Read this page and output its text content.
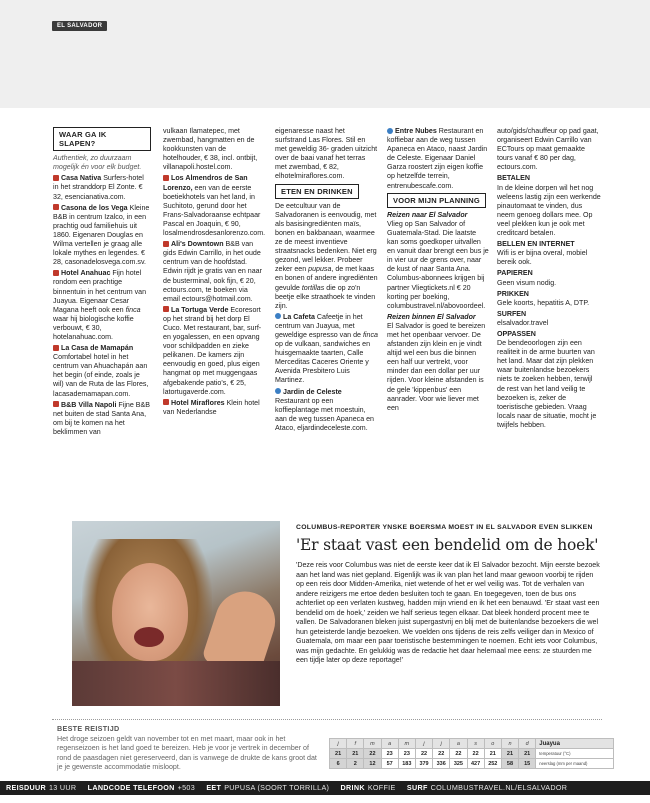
EL SALVADOR
WAAR GA IK SLAPEN?

Authentiek, zo duurzaam mogelijk én voor elk budget.

Casa Nativa Surfers-hotel in het stranddorp El Zonte. € 32, esencianativa.com.

Casona de los Vega Kleine B&B in centrum Izalco, in een prachtig oud familiehuis uit 1860. Eigenaren Douglas en Wilma vertellen je graag alle lokale mythes en legendes. € 28, casonadelosvega.com.sv.

Hotel Anahuac Fijn hotel rondom een prachtige binnentuin in het centrum van Juayua. Eigenaar Cesar Magana heeft ook een finca waar hij biologische koffie verbouwt, € 30, hotelanahuac.com.

La Casa de Mamapán Comfortabel hotel in het centrum van Ahuachapán aan het begin (of einde, zoals je wil) van de Ruta de las Flores, lacasademamapan.com.

B&B Villa Napoli Fijne B&B net buiten de stad Santa Ana, om bij te komen na het beklimmen van

vulkaan Ilamatepec, met zwembad, hangmatten en de kookkunsten van de hotelhouder, € 38, incl. ontbijt, villanapoli.hostel.com.

Los Almendros de San Lorenzo, een van de eerste boetiekhotels van het land, in Suchitoto, gerund door het Frans-Salvadoraanse echtpaar Pascal en Joaquin, € 90, losalmendrosdesanlorenzo.com.

Ali's Downtown B&B van gids Edwin Carrillo, in het oude centrum van de hoofdstad. Edwin rijdt je gratis van en naar de busterminal, ook fijn, € 20, ectours.com, te boeken via email ectours@hotmail.com.

La Tortuga Verde Ecoresort op het strand bij het dorp El Cuco. Met restaurant, bar, surf- en yogalessen, en een opvang voor schildpadden en zieke pelikanen. De kamers zijn eenvoudig en goed, plus eigen hangmat op met muggengaas afgebakende patio's, € 25, latortugaverde.com.

Hotel Miraflores Klein hotel van Nederlandse

eigenaresse naast het surfstrand Las Flores. Stil en met geweldig 36- graden uitzicht over de baai vanaf het terras met zwembad, € 82, elhotelmiraflores.com.

ETEN EN DRINKEN

De eetcultuur van de Salvadoranen is eenvoudig, met als basisingrediënten maïs, bonen en bakbanaan, waarmee ze de meest inventieve straatsnacks bedenken. Niet erg gezond, wel lekker. Probeer zeker een pupusa, de met kaas en bonen of andere ingrediënten gevulde tortillas die op zo'n beetje elke straathoek te vinden zijn.

La Cafeta Cafeetje in het centrum van Juayua, met geweldige espresso van de finca op de vulkaan, sandwiches en huisgemaakte taarten, Calle Merceditas Caceres Oriente y Avenida Presbitero Luis Martinez.

Jardin de Celeste Restaurant op een koffieplantage met moestuin, aan de weg tussen Apaneca en Ataco, eljardindeceleste.com.

Entre Nubes Restaurant en koffiebar aan de weg tussen Apaneca en Ataco, naast Jardin de Celeste. Eigenaar Daniel Garza roostert zijn eigen koffie op hetzelfde terrein, entrenubescafe.com.

VOOR MIJN PLANNING

Reizen naar El Salvador
Vlieg op San Salvador of Guatemala-Stad. Die laatste kan soms goedkoper uitvallen en vanuit daar brengt een bus je in vier uur de grens over, naar de kust of naar Santa Ana. Columbus-abonnees krijgen bij partner Vliegtickets.nl € 20 korting per boeking, columbustravel.nl/abovoordeel.

Reizen binnen El Salvador
El Salvador is goed te bereizen met het openbaar vervoer. De afstanden zijn klein en je vindt altijd wel een bus die binnen een half uur vertrekt, voor minder dan een dollar per uur rijden. Voor kleine afstanden is de gele 'kippenbus' een aanrader. Voor wie liever met een

auto/gids/chauffeur op pad gaat, organiseert Edwin Carrillo van ECTours op maat gemaakte tours vanaf € 80 per dag, ectours.com.

BETALEN

In de kleine dorpen wil het nog weleens lastig zijn een werkende pinautomaat te vinden, dus neem genoeg dollars mee. Op veel plekken kun je ook met creditcard betalen.

BELLEN EN INTERNET

Wifi is er bijna overal, mobiel bereik ook.

PAPIEREN

Geen visum nodig.

PRIKKEN

Gele koorts, hepatitis A, DTP.

SURFEN

elsalvador.travel

OPPASSEN

De bendeoorlogen zijn een realiteit in de arme buurten van het land. Maar dat zijn plekken waar buitenlandse bezoekers niets te zoeken hebben, terwijl de rest van het land veilig te bezoeken is, zeker de toeristische gebieden. Vraag locals naar de situatie, mocht je twijfels hebben.

COLUMBUS-REPORTER YNSKE BOERSMA MOEST IN EL SALVADOR EVEN SLIKKEN
'Er staat vast een bendelid om de hoek'
'Deze reis voor Columbus was niet de eerste keer dat ik El Salvador bezocht. Mijn eerste bezoek aan het land was niet gepland. Eigenlijk was ik van plan het land maar gewoon voorbij te rijden op een reis door Midden-Amerika, niet wetende of het er wel veilig was. Tot de verhalen van andere reizigers me ertoe deden besluiten toch te gaan. En toegegeven, toen de bus ons achterliet op een verlaten kustweg, hadden mijn vriend en ik het een benauwd. 'Er staat vast een bendelid om de hoek,' zeiden we half serieus tegen elkaar. Dat bleek honderd procent mee te vallen. De Salvadoranen bleken juist supergastvrij en blij met de buitenlandse bezoekers die wel hun geteisterde landje bezoeken. We voelden ons tijdens de reis zelfs veiliger dan in Mexico of Guatemala, om maar een paar toeristische bestemmingen te noemen. Echt iets voor Columbus, was mijn gedachte. En gelukkig was de redactie het daar helemaal mee eens: ze stuurden me een tijdje later op deze reportage!'
BESTE REISTIJD
Het droge seizoen geldt van november tot en met maart, maar ook in het regenseizoen is het land goed te bereizen. Heb je voor je vertrek in december of rond de paasdagen niet gereserveerd, dan is vanwege de drukte de kans groot dat je je gewenste accommodatie misloopt.
j	f	m	a	m	j	j	a	s	o	n	d	Juayua
21	21	22	23	23	22	22	22	22	21	21	21	temperatuur (°C)
6	2	12	57	183	379	336	325	427	252	58	15	neerslag (mm per maand)
REISDUUR 13 UUR LANDCODE TELEFOON +503 EET PUPUSA (SOORT TORRILLA) DRINK KOFFIE SURF COLUMBUSTRAVEL.NL/ELSALVADOR
